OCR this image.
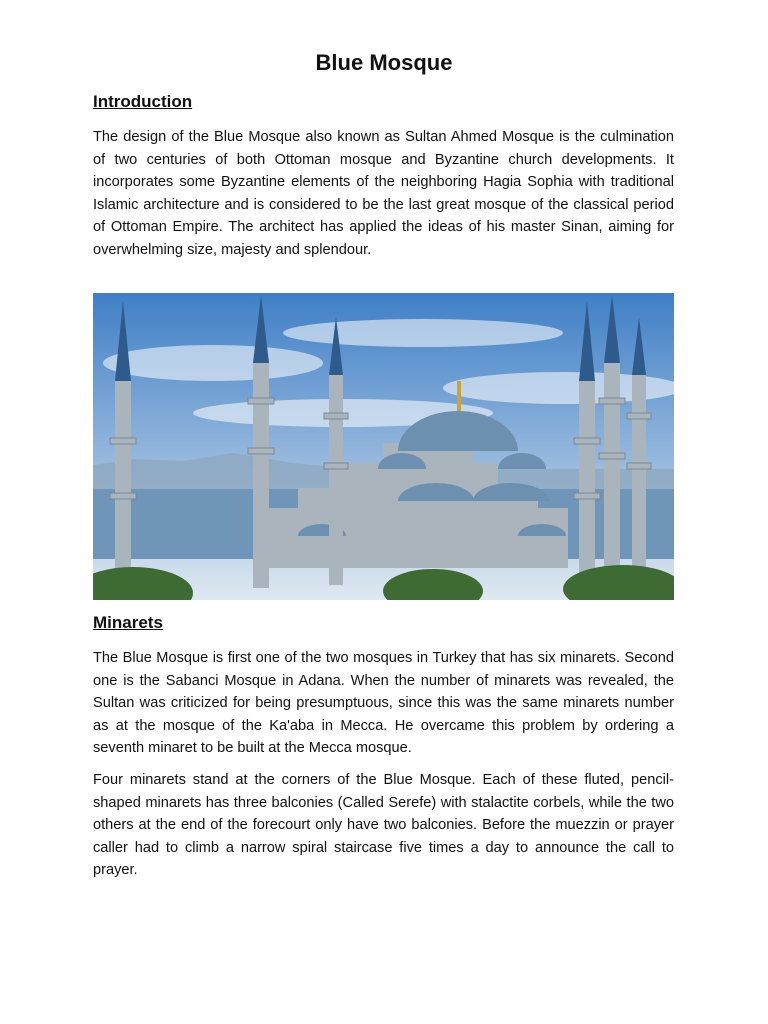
Blue Mosque
Introduction

The design of the Blue Mosque also known as Sultan Ahmed Mosque is the culmination of two centuries of both Ottoman mosque and Byzantine church developments. It incorporates some Byzantine elements of the neighboring Hagia Sophia with traditional Islamic architecture and is considered to be the last great mosque of the classical period of Ottoman Empire. The architect has applied the ideas of his master Sinan, aiming for overwhelming size, majesty and splendour.

Minarets

The Blue Mosque is first one of the two mosques in Turkey that has six minarets. Second one is the Sabanci Mosque in Adana. When the number of minarets was revealed, the Sultan was criticized for being presumptuous, since this was the same minarets number as at the mosque of the Ka'aba in Mecca. He overcame this problem by ordering a seventh minaret to be built at the Mecca mosque.

Four minarets stand at the corners of the Blue Mosque. Each of these fluted, pencil-shaped minarets has three balconies (Called Serefe) with stalactite corbels, while the two others at the end of the forecourt only have two balconies. Before the muezzin or prayer caller had to climb a narrow spiral staircase five times a day to announce the call to prayer.
